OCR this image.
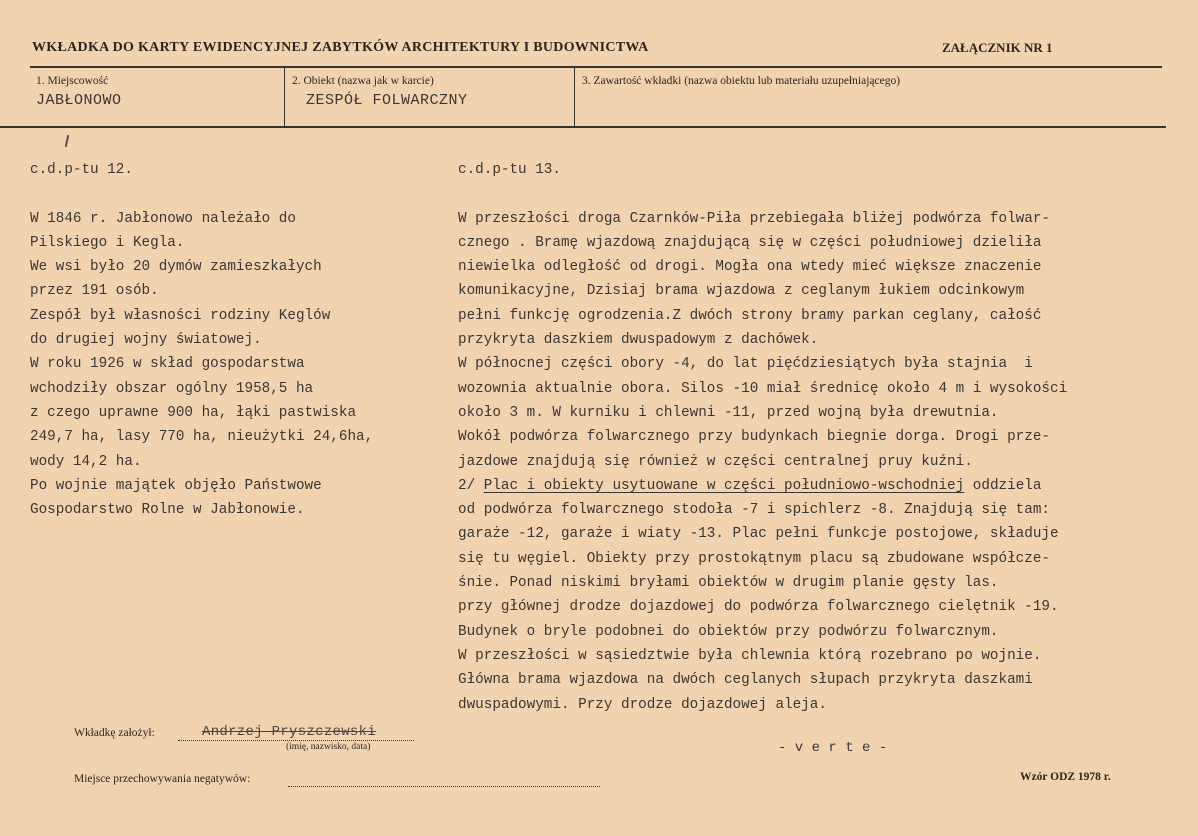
WKŁADKA DO KARTY EWIDENCYJNEJ ZABYTKÓW ARCHITEKTURY I BUDOWNICTWA	ZAŁĄCZNIK NR 1
1. Miejscowość
JABŁONOWO
2. Obiekt (nazwa jak w karcie)
ZESPÓŁ FOLWARCZNY
3. Zawartość wkładki (nazwa obiektu lub materiału uzupełniającego)
c.d.p-tu 12.

W 1846 r. Jabłonowo należało do
Pilskiego i Kegla.
We wsi było 20 dymów zamieszkałych
przez 191 osób.
Zespół był własności rodziny Keglów
do drugiej wojny światowej.
W roku 1926 w skład gospodarstwa
wchodziły obszar ogólny 1958,5 ha
z czego uprawne 900 ha, łąki pastwiska
249,7 ha, lasy 770 ha, nieużytki 24,6ha,
wody 14,2 ha.
Po wojnie majątek objęło Państwowe
Gospodarstwo Rolne w Jabłonowie.
c.d.p-tu 13.

W przeszłości droga Czarnków-Piła przebiegała bliżej podwórza folwar-
cznego . Bramę wjazdową znajdującą się w części południowej dzieliła
niewielka odległość od drogi. Mogła ona wtedy mieć większe znaczenie
komunikacyjne, Dzisiaj brama wjazdowa z ceglanym łukiem odcinkowym
pełni funkcję ogrodzenia.Z dwóch strony bramy parkan ceglany, całość
przykryta daszkiem dwuspadowym z dachówek.
W północnej części obory -4, do lat pięćdziesiątych była stajnia  i
wozownia aktualnie obora. Silos -10 miał średnicę około 4 m i wysokości
około 3 m. W kurniku i chlewni -11, przed wojną była drewutnia.
Wokół podwórza folwarcznego przy budynkach biegnie dorga. Drogi prze-
jazdowe znajdują się również w części centralnej pruy kuźni.
2/ Plac i obiekty usytuowane w części południowo-wschodniej oddziela
od podwórza folwarcznego stodoła -7 i spichlerz -8. Znajdują się tam:
garaże -12, garaże i wiaty -13. Plac pełni funkcje postojowe, składuje
się tu węgiel. Obiekty przy prostokątnym placu są zbudowane współcze-
śnie. Ponad niskimi bryłami obiektów w drugim planie gęsty las.
przy głównej drodze dojazdowej do podwórza folwarcznego cielętnik -19.
Budynek o bryle podobnei do obiektów przy podwórzu folwarcznym.
W przeszłości w sąsiedztwie była chlewnia którą rozebrano po wojnie.
Główna brama wjazdowa na dwóch ceglanych słupach przykryta daszkami
dwuspadowymi. Przy drodze dojazdowej aleja.
Wkładkę założył:	Andrzej Pryszczewski
(imię, nazwisko, data)	- v e r t e -
Miejsce przechowywania negatywów:	Wzór ODZ 1978 r.
